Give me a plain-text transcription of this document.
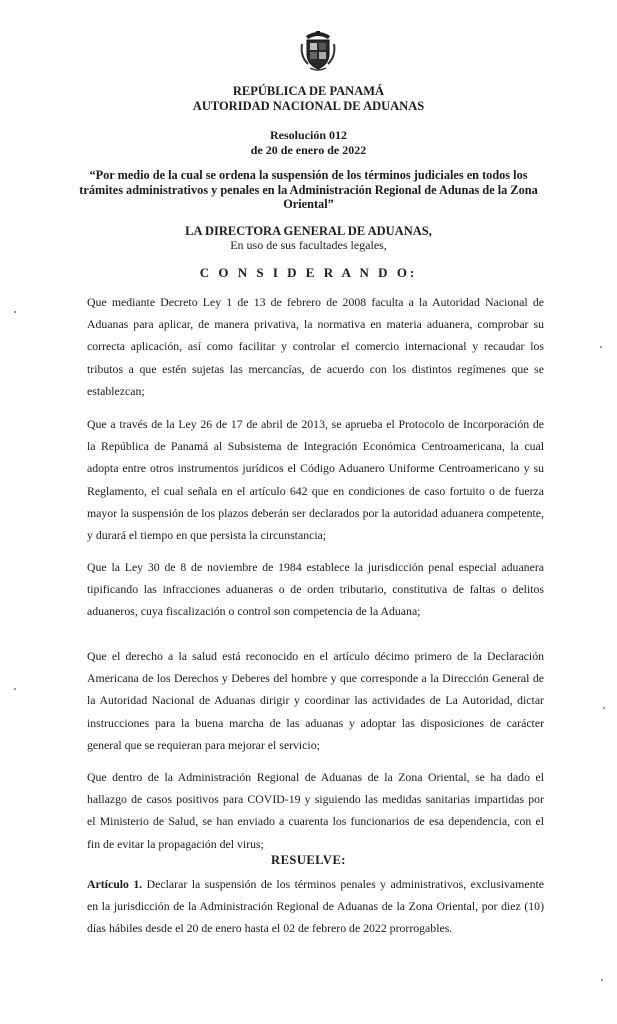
REPÚBLICA DE PANAMÁ
AUTORIDAD NACIONAL DE ADUANAS
Resolución 012
de 20 de enero de 2022
“Por medio de la cual se ordena la suspensión de los términos judiciales en todos los
trámites administrativos y penales en la Administración Regional de Adunas de la Zona
Oriental”
LA DIRECTORA GENERAL DE ADUANAS,
En uso de sus facultades legales,
C O N S I D E R A N D O:
Que mediante Decreto Ley 1 de 13 de febrero de 2008 faculta a la Autoridad Nacional de
Aduanas para aplicar, de manera privativa, la normativa en materia aduanera, comprobar su
correcta aplicación, así como facilitar y controlar el comercio internacional y recaudar los
tributos a que estén sujetas las mercancías, de acuerdo con los distintos regímenes que se
establezcan;
Que a través de la Ley 26 de 17 de abril de 2013, se aprueba el Protocolo de Incorporación de
la República de Panamá al Subsistema de Integración Económica Centroamericana, la cual
adopta entre otros instrumentos jurídicos el Código Aduanero Uniforme Centroamericano y su
Reglamento, el cual señala en el artículo 642 que en condiciones de caso fortuito o de fuerza
mayor la suspensión de los plazos deberán ser declarados por la autoridad aduanera competente,
y durará el tiempo en que persista la circunstancia;
Que la Ley 30 de 8 de noviembre de 1984 establece la jurisdicción penal especial aduanera
tipificando las infracciones aduaneras o de orden tributario, constitutiva de faltas o delitos
aduaneros, cuya fiscalización o control son competencia de la Aduana;
Que el derecho a la salud está reconocido en el artículo décimo primero de la Declaración
Americana de los Derechos y Deberes del hombre y que corresponde a la Dirección General de
la Autoridad Nacional de Aduanas dirigir y coordinar las actividades de La Autoridad, dictar
instrucciones para la buena marcha de las aduanas y adoptar las disposiciones de carácter
general que se requieran para mejorar el servicio;
Que dentro de la Administración Regional de Aduanas de la Zona Oriental, se ha dado el
hallazgo de casos positivos para COVID-19 y siguiendo las medidas sanitarias impartidas por
el Ministerio de Salud, se han enviado a cuarenta los funcionarios de esa dependencia, con el
fin de evitar la propagación del virus;
RESUELVE:
Artículo 1. Declarar la suspensión de los términos penales y administrativos, exclusivamente
en la jurisdicción de la Administración Regional de Aduanas de la Zona Oriental, por diez (10)
días hábiles desde el 20 de enero hasta el 02 de febrero de 2022 prorrogables.
